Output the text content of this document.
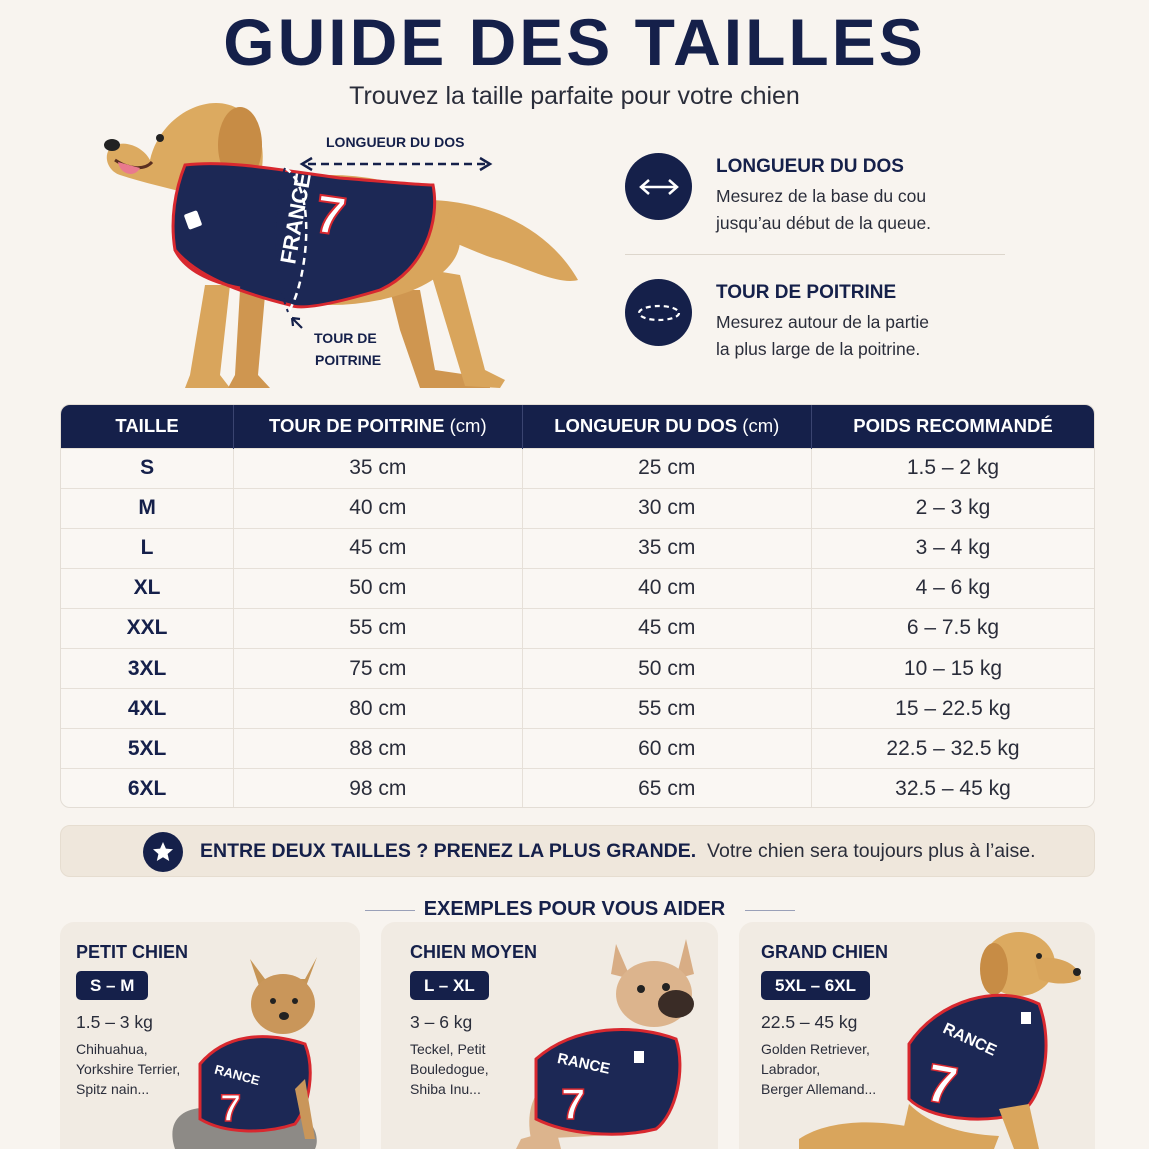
GUIDE DES TAILLES
Trouvez la taille parfaite pour votre chien
FRANCE
7
LONGUEUR DU DOS
TOUR DE
POITRINE
LONGUEUR DU DOS
Mesurez de la base du cou
jusqu’au début de la queue.
TOUR DE POITRINE
Mesurez autour de la partie
la plus large de la poitrine.
TAILLE	TOUR DE POITRINE (cm)	LONGUEUR DU DOS (cm)	POIDS RECOMMANDÉ
S	35 cm	25 cm	1.5 – 2 kg
M	40 cm	30 cm	2 – 3 kg
L	45 cm	35 cm	3 – 4 kg
XL	50 cm	40 cm	4 – 6 kg
XXL	55 cm	45 cm	6 – 7.5 kg
3XL	75 cm	50 cm	10 – 15 kg
4XL	80 cm	55 cm	15 – 22.5 kg
5XL	88 cm	60 cm	22.5 – 32.5 kg
6XL	98 cm	65 cm	32.5 – 45 kg
ENTRE DEUX TAILLES ? PRENEZ LA PLUS GRANDE. Votre chien sera toujours plus à l’aise.
EXEMPLES POUR VOUS AIDER
PETIT CHIEN
S – M
1.5 – 3 kg
Chihuahua,
Yorkshire Terrier,
Spitz nain...
RANCE
7
CHIEN MOYEN
L – XL
3 – 6 kg
Teckel, Petit
Bouledogue,
Shiba Inu...
RANCE
7
GRAND CHIEN
5XL – 6XL
22.5 – 45 kg
Golden Retriever,
Labrador,
Berger Allemand...
RANCE
7
